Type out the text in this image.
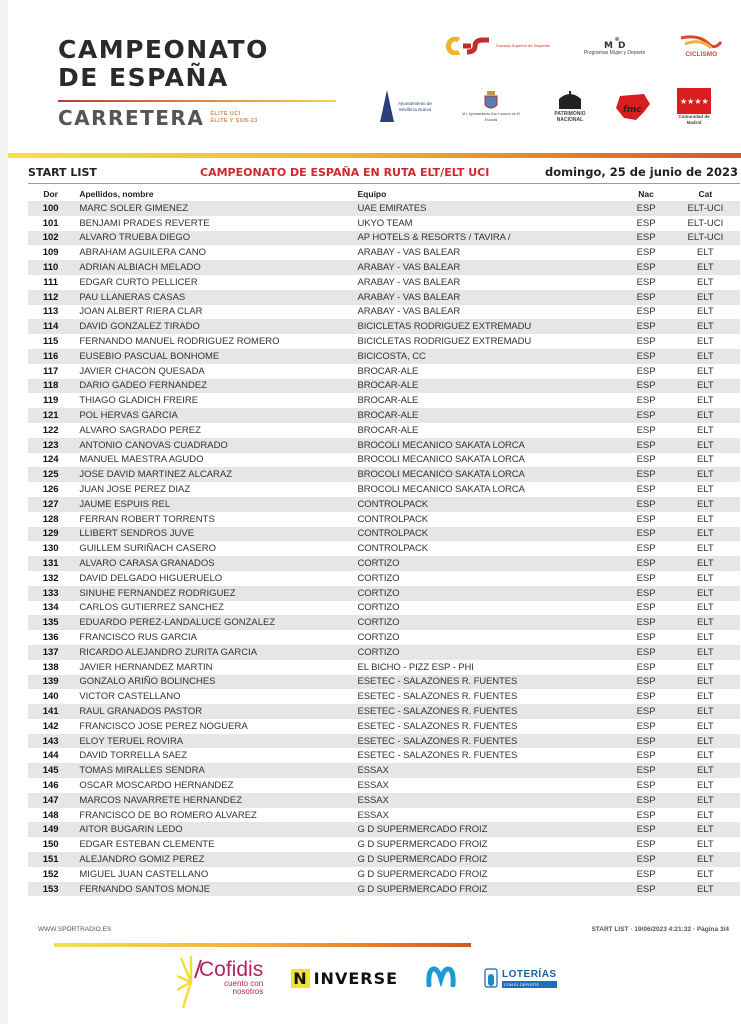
CAMPEONATO
DE ESPAÑA
CARRETERA ÉLITE UCI
ÉLITE Y SUB-23
Consejo Superior de Deportes	M D
Programas Mujer y Deporte	CICLISMO
Ayuntamiento de Sevilla la Nueva
M.I. Ayuntamiento San Lorenzo de El Escorial
PATRIMONIO NACIONAL
fmc
★★★★
Comunidad de Madrid
START LIST	CAMPEONATO DE ESPAÑA EN RUTA ELT/ELT UCI	domingo, 25 de junio de 2023
Dor	Apellidos, nombre	Equipo	Nac	Cat
100	MARC SOLER GIMENEZ	UAE EMIRATES	ESP	ELT-UCI
101	BENJAMI PRADES REVERTE	UKYO TEAM	ESP	ELT-UCI
102	ALVARO TRUEBA DIEGO	AP HOTELS & RESORTS / TAVIRA /	ESP	ELT-UCI
109	ABRAHAM AGUILERA CANO	ARABAY - VAS BALEAR	ESP	ELT
110	ADRIAN ALBIACH MELADO	ARABAY - VAS BALEAR	ESP	ELT
111	EDGAR CURTO PELLICER	ARABAY - VAS BALEAR	ESP	ELT
112	PAU LLANERAS CASAS	ARABAY - VAS BALEAR	ESP	ELT
113	JOAN ALBERT RIERA CLAR	ARABAY - VAS BALEAR	ESP	ELT
114	DAVID GONZALEZ TIRADO	BICICLETAS RODRIGUEZ EXTREMADU	ESP	ELT
115	FERNANDO MANUEL RODRIGUEZ ROMERO	BICICLETAS RODRIGUEZ EXTREMADU	ESP	ELT
116	EUSEBIO PASCUAL BONHOME	BICICOSTA, CC	ESP	ELT
117	JAVIER CHACON QUESADA	BROCAR-ALE	ESP	ELT
118	DARIO GADEO FERNANDEZ	BROCAR-ALE	ESP	ELT
119	THIAGO GLADICH FREIRE	BROCAR-ALE	ESP	ELT
121	POL HERVAS GARCIA	BROCAR-ALE	ESP	ELT
122	ALVARO SAGRADO PEREZ	BROCAR-ALE	ESP	ELT
123	ANTONIO CANOVAS CUADRADO	BROCOLI MECANICO SAKATA LORCA	ESP	ELT
124	MANUEL MAESTRA AGUDO	BROCOLI MECANICO SAKATA LORCA	ESP	ELT
125	JOSE DAVID MARTINEZ ALCARAZ	BROCOLI MECANICO SAKATA LORCA	ESP	ELT
126	JUAN JOSE PEREZ DIAZ	BROCOLI MECANICO SAKATA LORCA	ESP	ELT
127	JAUME ESPUIS REL	CONTROLPACK	ESP	ELT
128	FERRAN ROBERT TORRENTS	CONTROLPACK	ESP	ELT
129	LLIBERT SENDROS JUVE	CONTROLPACK	ESP	ELT
130	GUILLEM SURIÑACH CASERO	CONTROLPACK	ESP	ELT
131	ALVARO CARASA GRANADOS	CORTIZO	ESP	ELT
132	DAVID DELGADO HIGUERUELO	CORTIZO	ESP	ELT
133	SINUHE FERNANDEZ RODRIGUEZ	CORTIZO	ESP	ELT
134	CARLOS GUTIERREZ SANCHEZ	CORTIZO	ESP	ELT
135	EDUARDO PEREZ-LANDALUCE GONZALEZ	CORTIZO	ESP	ELT
136	FRANCISCO RUS GARCIA	CORTIZO	ESP	ELT
137	RICARDO ALEJANDRO ZURITA GARCIA	CORTIZO	ESP	ELT
138	JAVIER HERNANDEZ MARTIN	EL BICHO - PIZZ ESP - PHI	ESP	ELT
139	GONZALO ARIÑO BOLINCHES	ESETEC - SALAZONES R. FUENTES	ESP	ELT
140	VICTOR CASTELLANO	ESETEC - SALAZONES R. FUENTES	ESP	ELT
141	RAUL GRANADOS PASTOR	ESETEC - SALAZONES R. FUENTES	ESP	ELT
142	FRANCISCO JOSE PEREZ NOGUERA	ESETEC - SALAZONES R. FUENTES	ESP	ELT
143	ELOY TERUEL ROVIRA	ESETEC - SALAZONES R. FUENTES	ESP	ELT
144	DAVID TORRELLA SAEZ	ESETEC - SALAZONES R. FUENTES	ESP	ELT
145	TOMAS MIRALLES SENDRA	ESSAX	ESP	ELT
146	OSCAR MOSCARDO HERNANDEZ	ESSAX	ESP	ELT
147	MARCOS NAVARRETE HERNANDEZ	ESSAX	ESP	ELT
148	FRANCISCO DE BO ROMERO ALVAREZ	ESSAX	ESP	ELT
149	AITOR BUGARIN LEDO	G D SUPERMERCADO FROIZ	ESP	ELT
150	EDGAR ESTEBAN CLEMENTE	G D SUPERMERCADO FROIZ	ESP	ELT
151	ALEJANDRO GOMIZ PEREZ	G D SUPERMERCADO FROIZ	ESP	ELT
152	MIGUEL JUAN CASTELLANO	G D SUPERMERCADO FROIZ	ESP	ELT
153	FERNANDO SANTOS MONJE	G D SUPERMERCADO FROIZ	ESP	ELT
WWW.SPORTRADIO.ES	START LIST · 19/06/2023 4:21:32 · Página 3/4
Cofidis
cuento con
nosotros
N INVERSE	LOTERÍAS
CON EL DEPORTE
